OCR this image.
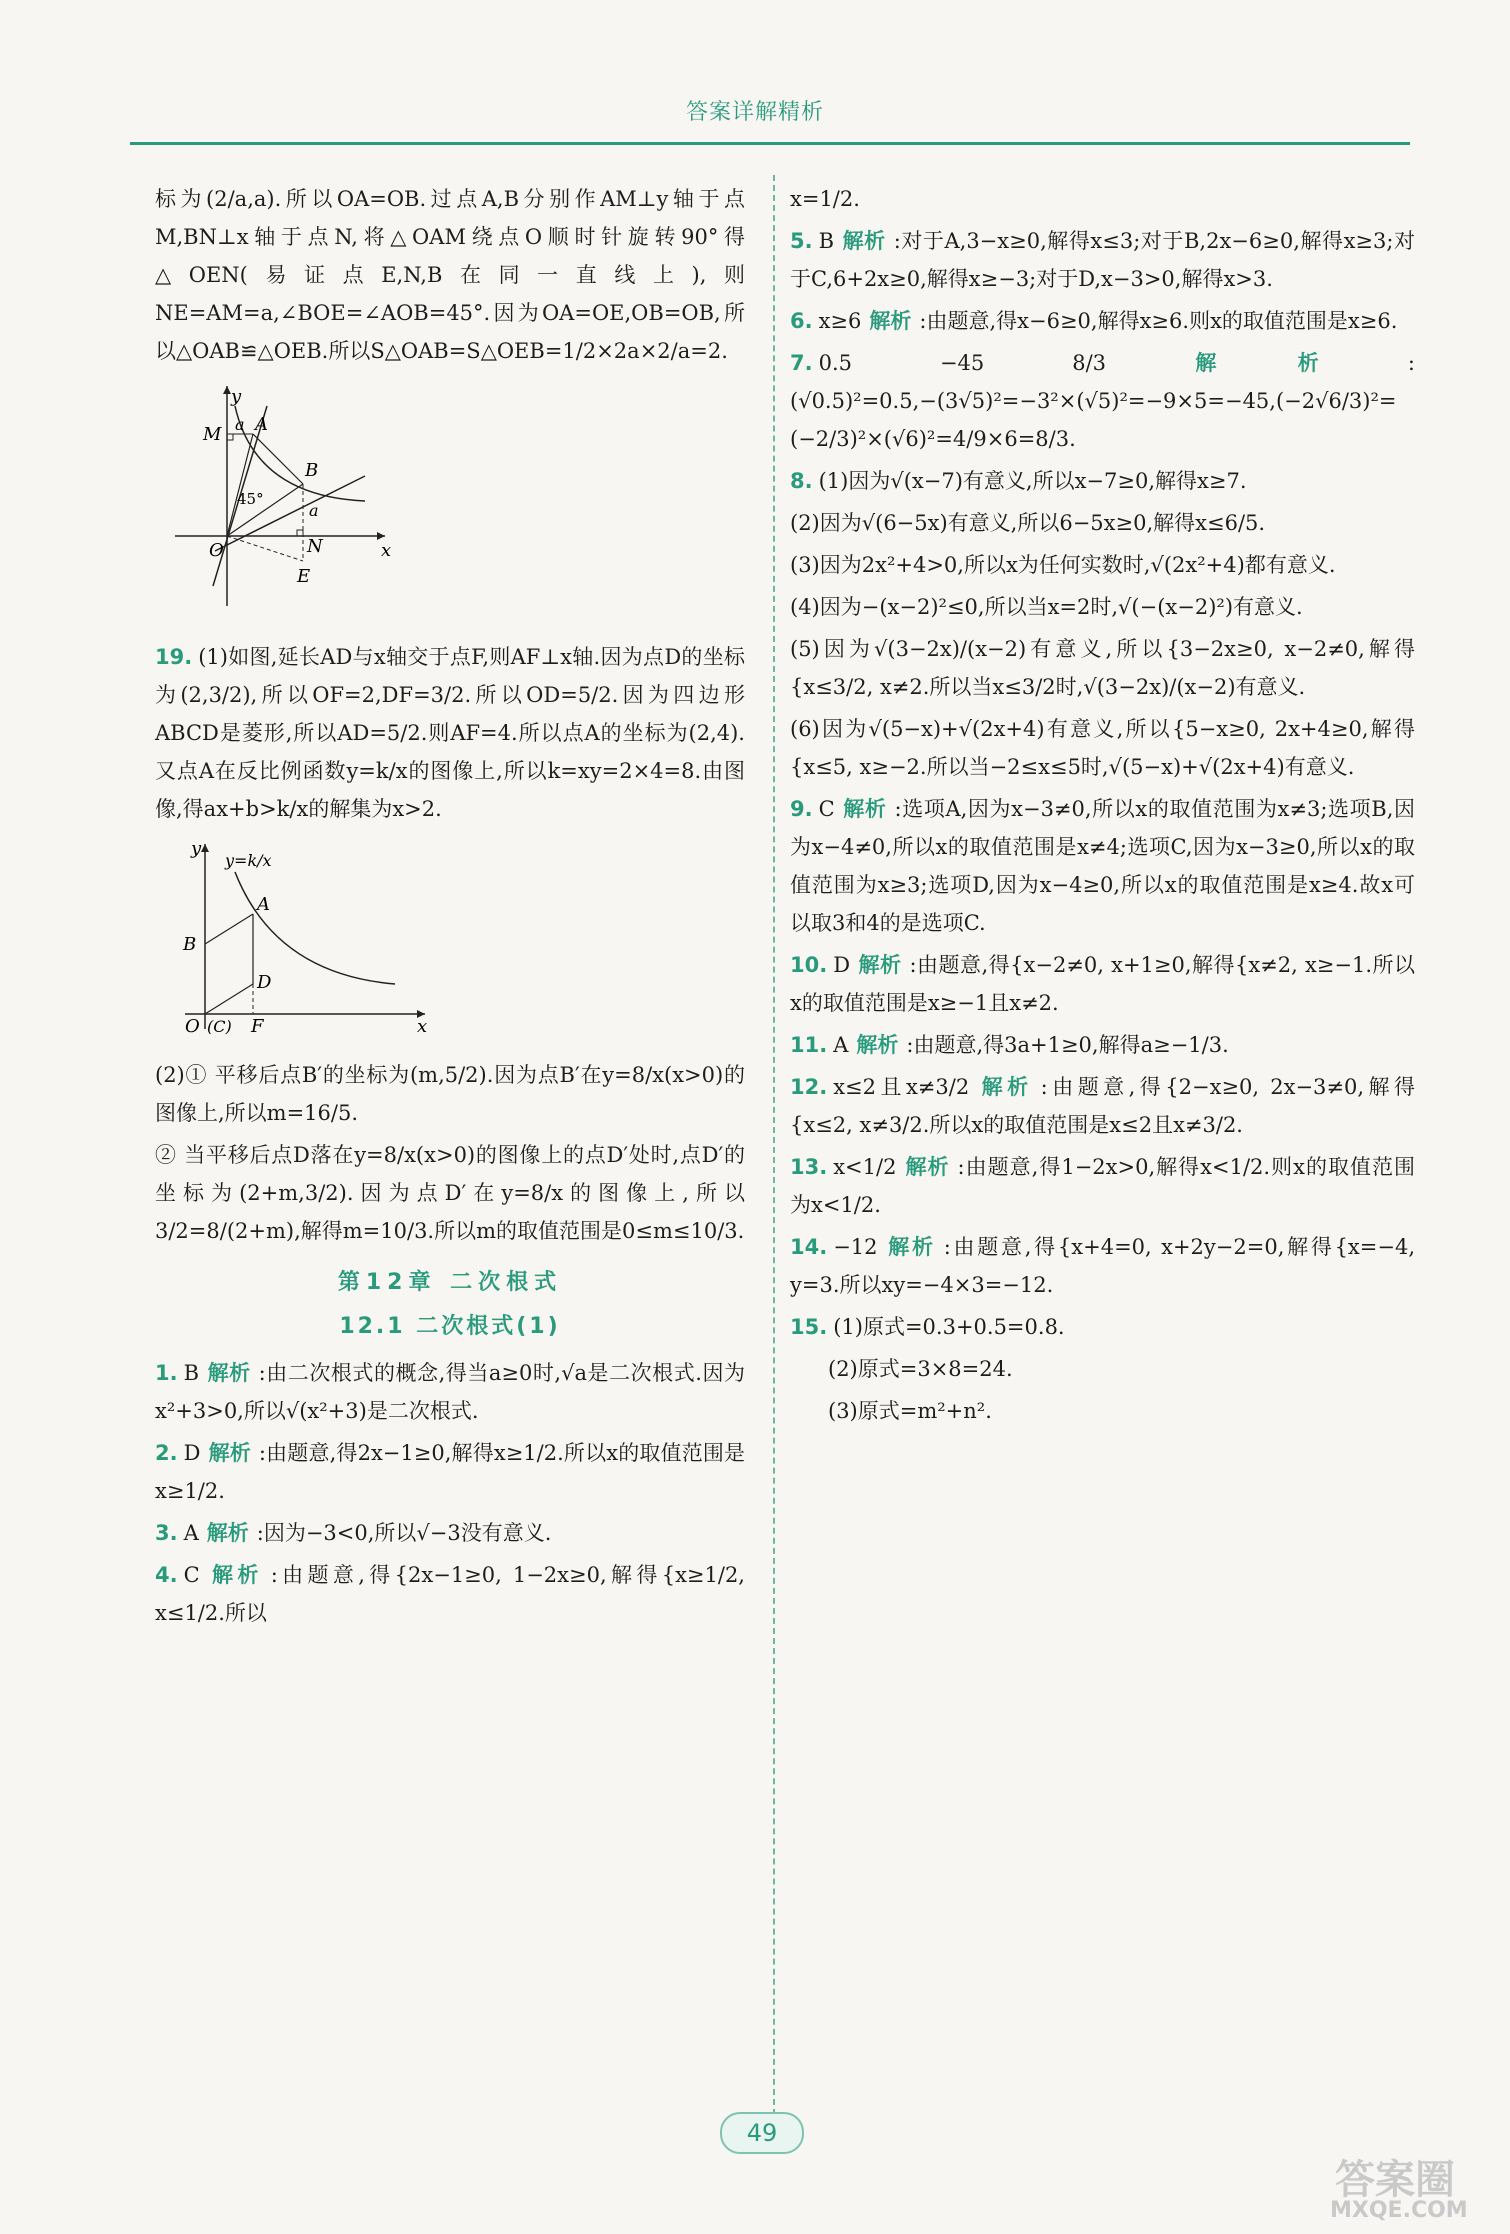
答案详解精析

标为(2/a,a).所以OA=OB.过点A,B分别作AM⊥y轴于点M,BN⊥x轴于点N,将△OAM绕点O顺时针旋转90°得△OEN(易证点E,N,B在同一直线上),则NE=AM=a,∠BOE=∠AOB=45°.因为OA=OE,OB=OB,所以△OAB≌△OEB.所以S△OAB=S△OEB=1/2×2a×2/a=2.

y
x
M A
B
a
a
45°
O	N
E

19. (1)如图,延长AD与x轴交于点F,则AF⊥x轴.因为点D的坐标为(2,3/2),所以OF=2,DF=3/2.所以OD=5/2.因为四边形ABCD是菱形,所以AD=5/2.则AF=4.所以点A的坐标为(2,4).又点A在反比例函数y=k/x的图像上,所以k=xy=2×4=8.由图像,得ax+b>k/x的解集为x>2.

y
y=k/x
A
B
D
O (C) F	x

(2)① 平移后点B′的坐标为(m,5/2).因为点B′在y=8/x(x>0)的图像上,所以m=16/5.

② 当平移后点D落在y=8/x(x>0)的图像上的点D′处时,点D′的坐标为(2+m,3/2).因为点D′在y=8/x的图像上,所以3/2=8/(2+m),解得m=10/3.所以m的取值范围是0≤m≤10/3.

第12章 二次根式
12.1 二次根式(1)

1. B 解析 :由二次根式的概念,得当a≥0时,√a是二次根式.因为x²+3>0,所以√(x²+3)是二次根式.

2. D 解析 :由题意,得2x−1≥0,解得x≥1/2.所以x的取值范围是x≥1/2.

3. A 解析 :因为−3<0,所以√−3没有意义.

4. C 解析 :由题意,得{2x−1≥0, 1−2x≥0,解得{x≥1/2, x≤1/2.所以

x=1/2.

5. B 解析 :对于A,3−x≥0,解得x≤3;对于B,2x−6≥0,解得x≥3;对于C,6+2x≥0,解得x≥−3;对于D,x−3>0,解得x>3.

6. x≥6 解析 :由题意,得x−6≥0,解得x≥6.则x的取值范围是x≥6.

7. 0.5 −45 8/3 解析 :(√0.5)²=0.5,−(3√5)²=−3²×(√5)²=−9×5=−45,(−2√6/3)²=(−2/3)²×(√6)²=4/9×6=8/3.

8. (1)因为√(x−7)有意义,所以x−7≥0,解得x≥7.

(2)因为√(6−5x)有意义,所以6−5x≥0,解得x≤6/5.

(3)因为2x²+4>0,所以x为任何实数时,√(2x²+4)都有意义.

(4)因为−(x−2)²≤0,所以当x=2时,√(−(x−2)²)有意义.

(5)因为√(3−2x)/(x−2)有意义,所以{3−2x≥0, x−2≠0,解得{x≤3/2, x≠2.所以当x≤3/2时,√(3−2x)/(x−2)有意义.

(6)因为√(5−x)+√(2x+4)有意义,所以{5−x≥0, 2x+4≥0,解得{x≤5, x≥−2.所以当−2≤x≤5时,√(5−x)+√(2x+4)有意义.

9. C 解析 :选项A,因为x−3≠0,所以x的取值范围为x≠3;选项B,因为x−4≠0,所以x的取值范围是x≠4;选项C,因为x−3≥0,所以x的取值范围为x≥3;选项D,因为x−4≥0,所以x的取值范围是x≥4.故x可以取3和4的是选项C.

10. D 解析 :由题意,得{x−2≠0, x+1≥0,解得{x≠2, x≥−1.所以x的取值范围是x≥−1且x≠2.

11. A 解析 :由题意,得3a+1≥0,解得a≥−1/3.

12. x≤2且x≠3/2 解析 :由题意,得{2−x≥0, 2x−3≠0,解得{x≤2, x≠3/2.所以x的取值范围是x≤2且x≠3/2.

13. x<1/2 解析 :由题意,得1−2x>0,解得x<1/2.则x的取值范围为x<1/2.

14. −12 解析 :由题意,得{x+4=0, x+2y−2=0,解得{x=−4, y=3.所以xy=−4×3=−12.

15. (1)原式=0.3+0.5=0.8.

(2)原式=3×8=24.

(3)原式=m²+n².

49
答案圈
MXQE.COM
